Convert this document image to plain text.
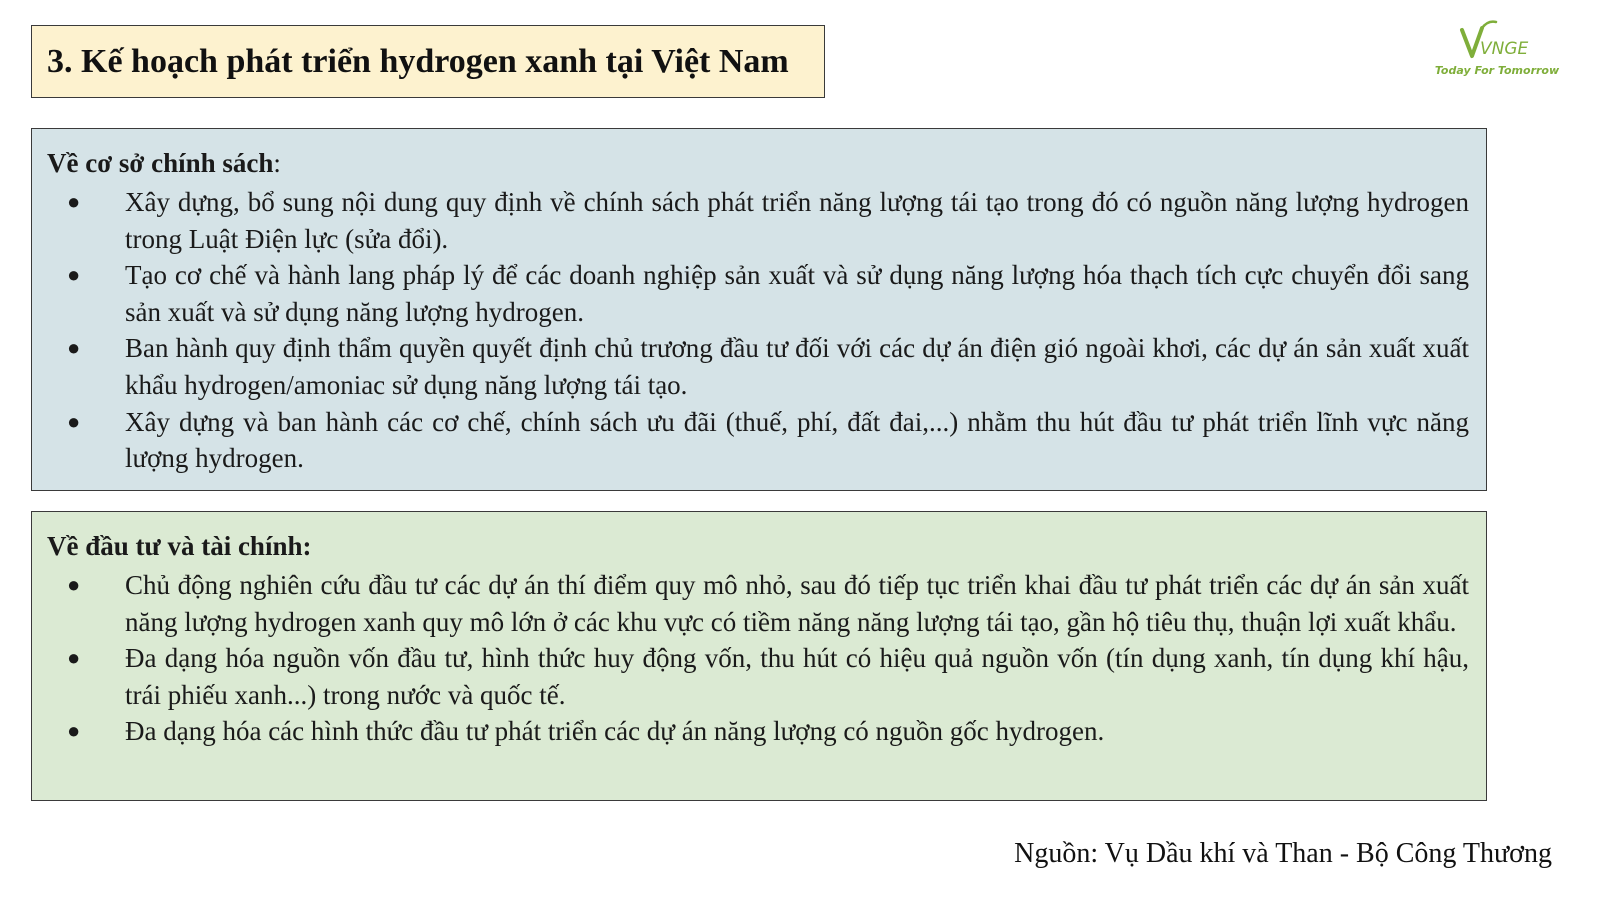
3. Kế hoạch phát triển hydrogen xanh tại Việt Nam	VNGE
Today For Tomorrow
Về cơ sở chính sách:
● Xây dựng, bổ sung nội dung quy định về chính sách phát triển năng lượng tái tạo trong đó có nguồn năng lượng hydrogen trong Luật Điện lực (sửa đổi).
● Tạo cơ chế và hành lang pháp lý để các doanh nghiệp sản xuất và sử dụng năng lượng hóa thạch tích cực chuyển đổi sang sản xuất và sử dụng năng lượng hydrogen.
● Ban hành quy định thẩm quyền quyết định chủ trương đầu tư đối với các dự án điện gió ngoài khơi, các dự án sản xuất xuất khẩu hydrogen/amoniac sử dụng năng lượng tái tạo.
● Xây dựng và ban hành các cơ chế, chính sách ưu đãi (thuế, phí, đất đai,...) nhằm thu hút đầu tư phát triển lĩnh vực năng lượng hydrogen.
Về đầu tư và tài chính:
● Chủ động nghiên cứu đầu tư các dự án thí điểm quy mô nhỏ, sau đó tiếp tục triển khai đầu tư phát triển các dự án sản xuất năng lượng hydrogen xanh quy mô lớn ở các khu vực có tiềm năng năng lượng tái tạo, gần hộ tiêu thụ, thuận lợi xuất khẩu.
● Đa dạng hóa nguồn vốn đầu tư, hình thức huy động vốn, thu hút có hiệu quả nguồn vốn (tín dụng xanh, tín dụng khí hậu, trái phiếu xanh...) trong nước và quốc tế.
● Đa dạng hóa các hình thức đầu tư phát triển các dự án năng lượng có nguồn gốc hydrogen.
Nguồn: Vụ Dầu khí và Than - Bộ Công Thương
